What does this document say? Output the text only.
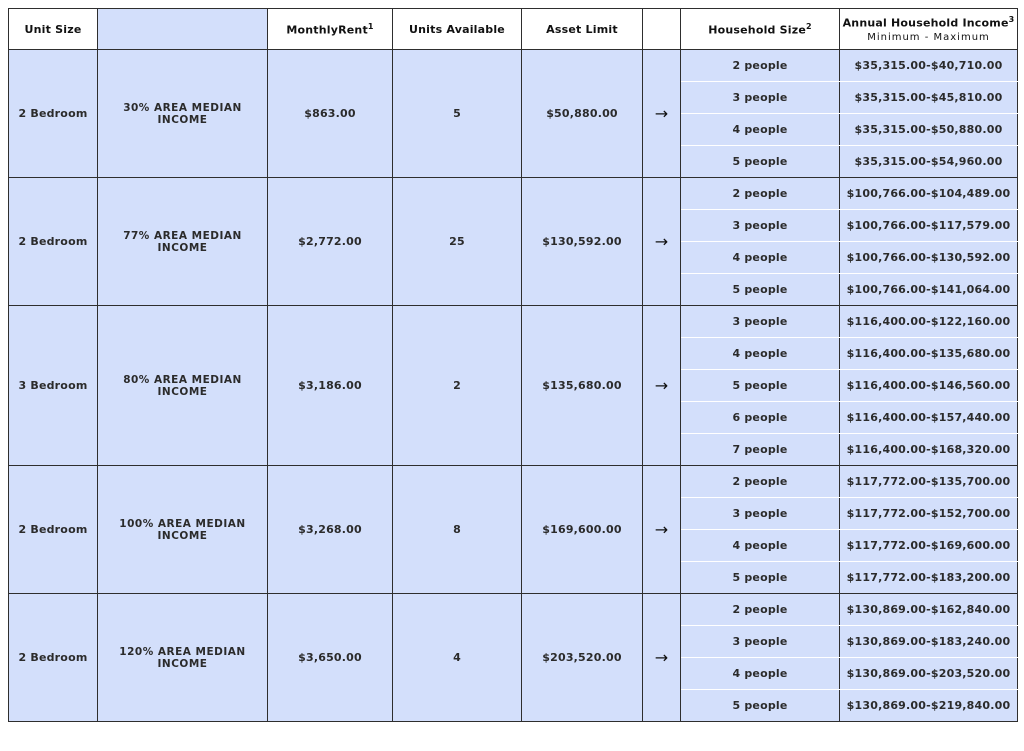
Unit Size		MonthlyRent$^1$	Units Available	Asset Limit		Household Size$^2$	Annual Household Income$^3$
Minimum - Maximum

2 Bedroom	30% AREA MEDIAN INCOME	$863.00	5	$50,880.00	→	2 people	$35,315.00-$40,710.00
						3 people	$35,315.00-$45,810.00
						4 people	$35,315.00-$50,880.00
						5 people	$35,315.00-$54,960.00
2 Bedroom	77% AREA MEDIAN INCOME	$2,772.00	25	$130,592.00	→	2 people	$100,766.00-$104,489.00
						3 people	$100,766.00-$117,579.00
						4 people	$100,766.00-$130,592.00
						5 people	$100,766.00-$141,064.00
3 Bedroom	80% AREA MEDIAN INCOME	$3,186.00	2	$135,680.00	→	3 people	$116,400.00-$122,160.00
						4 people	$116,400.00-$135,680.00
						5 people	$116,400.00-$146,560.00
						6 people	$116,400.00-$157,440.00
						7 people	$116,400.00-$168,320.00
2 Bedroom	100% AREA MEDIAN INCOME	$3,268.00	8	$169,600.00	→	2 people	$117,772.00-$135,700.00
						3 people	$117,772.00-$152,700.00
						4 people	$117,772.00-$169,600.00
						5 people	$117,772.00-$183,200.00
2 Bedroom	120% AREA MEDIAN INCOME	$3,650.00	4	$203,520.00	→	2 people	$130,869.00-$162,840.00
						3 people	$130,869.00-$183,240.00
						4 people	$130,869.00-$203,520.00
						5 people	$130,869.00-$219,840.00
